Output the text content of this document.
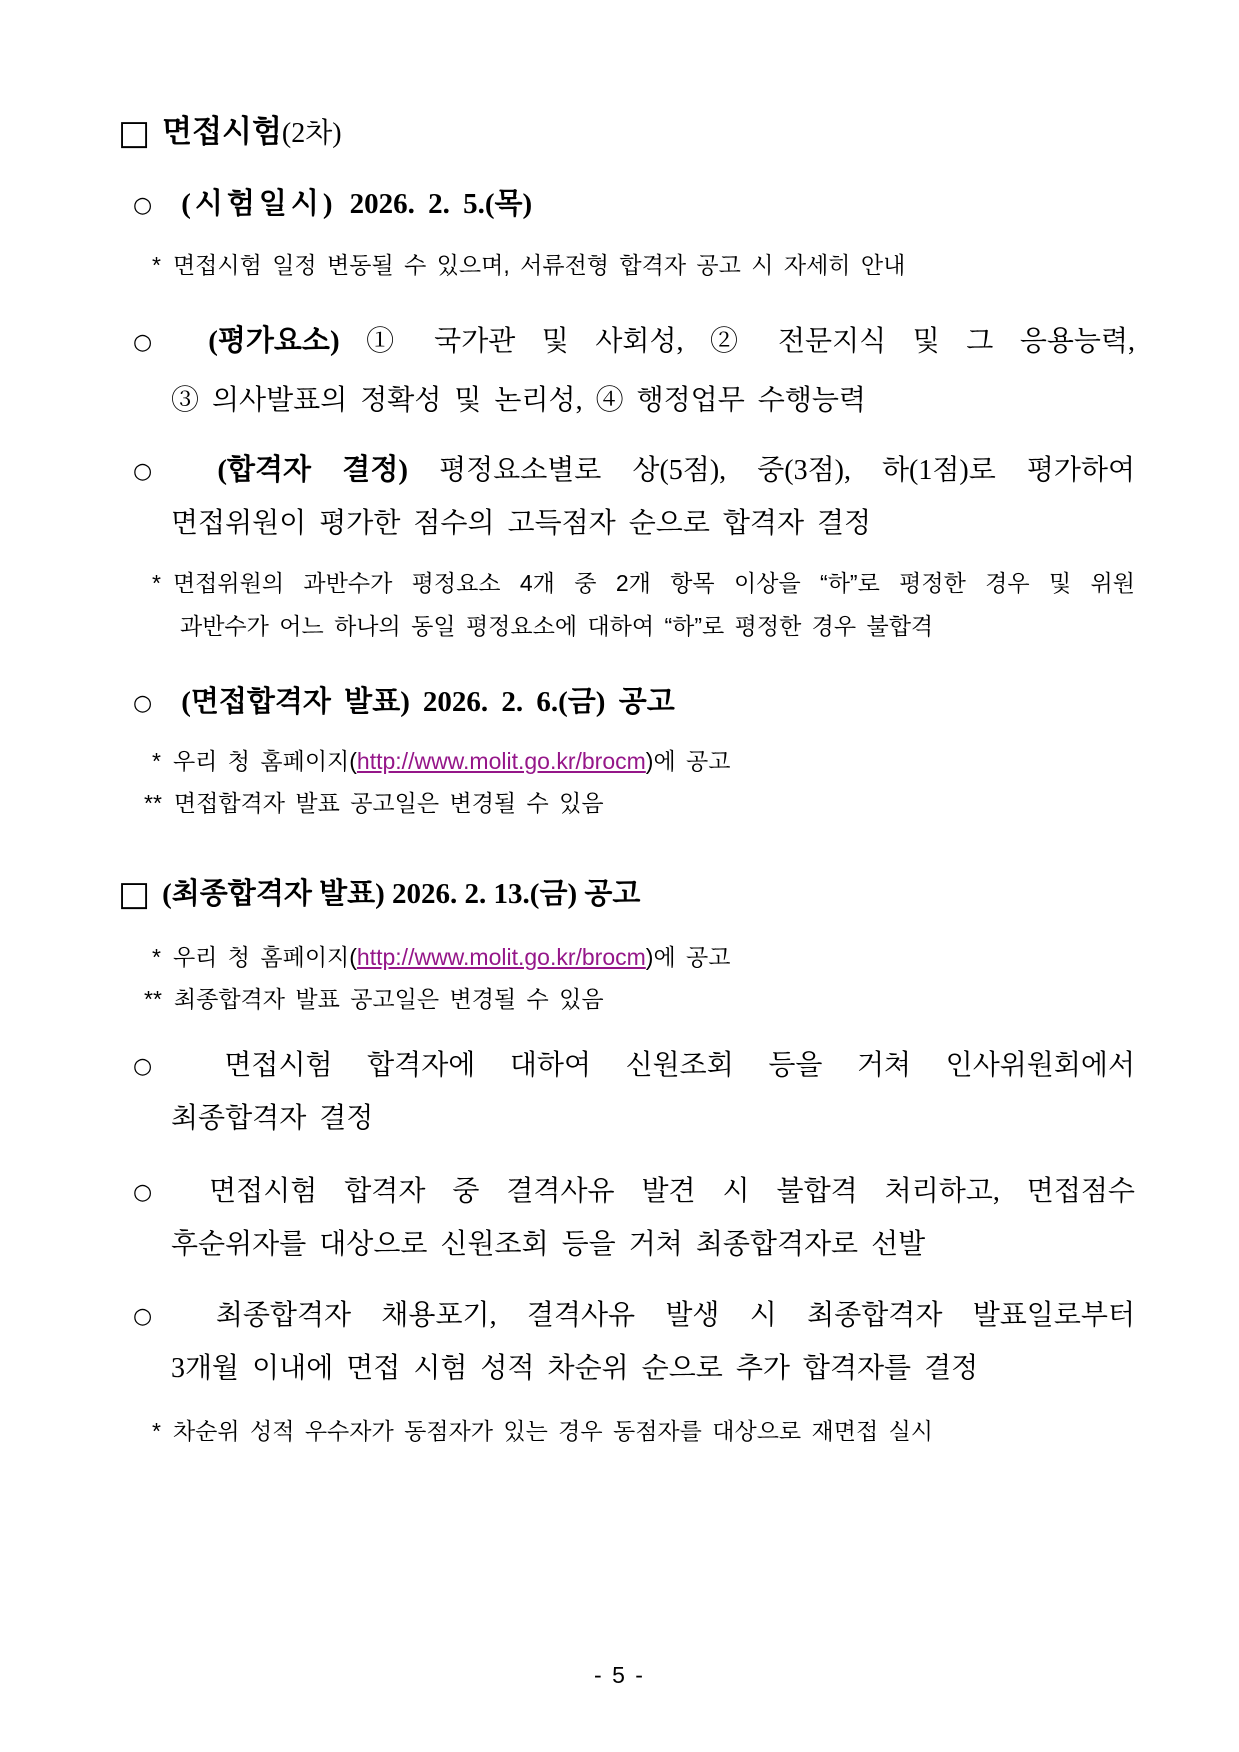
□ 면접시험(2차)
○ (시험일시) 2026. 2. 5.(목)
* 면접시험 일정 변동될 수 있으며, 서류전형 합격자 공고 시 자세히 안내
○ (평가요소) ① 국가관 및 사회성, ② 전문지식 및 그 응용능력,
③ 의사발표의 정확성 및 논리성, ④ 행정업무 수행능력
○ (합격자 결정) 평정요소별로 상(5점), 중(3점), 하(1점)로 평가하여
면접위원이 평가한 점수의 고득점자 순으로 합격자 결정
* 면접위원의 과반수가 평정요소 4개 중 2개 항목 이상을 “하”로 평정한 경우 및 위원
과반수가 어느 하나의 동일 평정요소에 대하여 “하”로 평정한 경우 불합격
○ (면접합격자 발표) 2026. 2. 6.(금) 공고
* 우리 청 홈페이지(http://www.molit.go.kr/brocm)에 공고
** 면접합격자 발표 공고일은 변경될 수 있음
□ (최종합격자 발표) 2026. 2. 13.(금) 공고
* 우리 청 홈페이지(http://www.molit.go.kr/brocm)에 공고
** 최종합격자 발표 공고일은 변경될 수 있음
○ 면접시험 합격자에 대하여 신원조회 등을 거쳐 인사위원회에서
최종합격자 결정
○ 면접시험 합격자 중 결격사유 발견 시 불합격 처리하고, 면접점수
후순위자를 대상으로 신원조회 등을 거쳐 최종합격자로 선발
○ 최종합격자 채용포기, 결격사유 발생 시 최종합격자 발표일로부터
3개월 이내에 면접 시험 성적 차순위 순으로 추가 합격자를 결정
* 차순위 성적 우수자가 동점자가 있는 경우 동점자를 대상으로 재면접 실시
- 5 -
